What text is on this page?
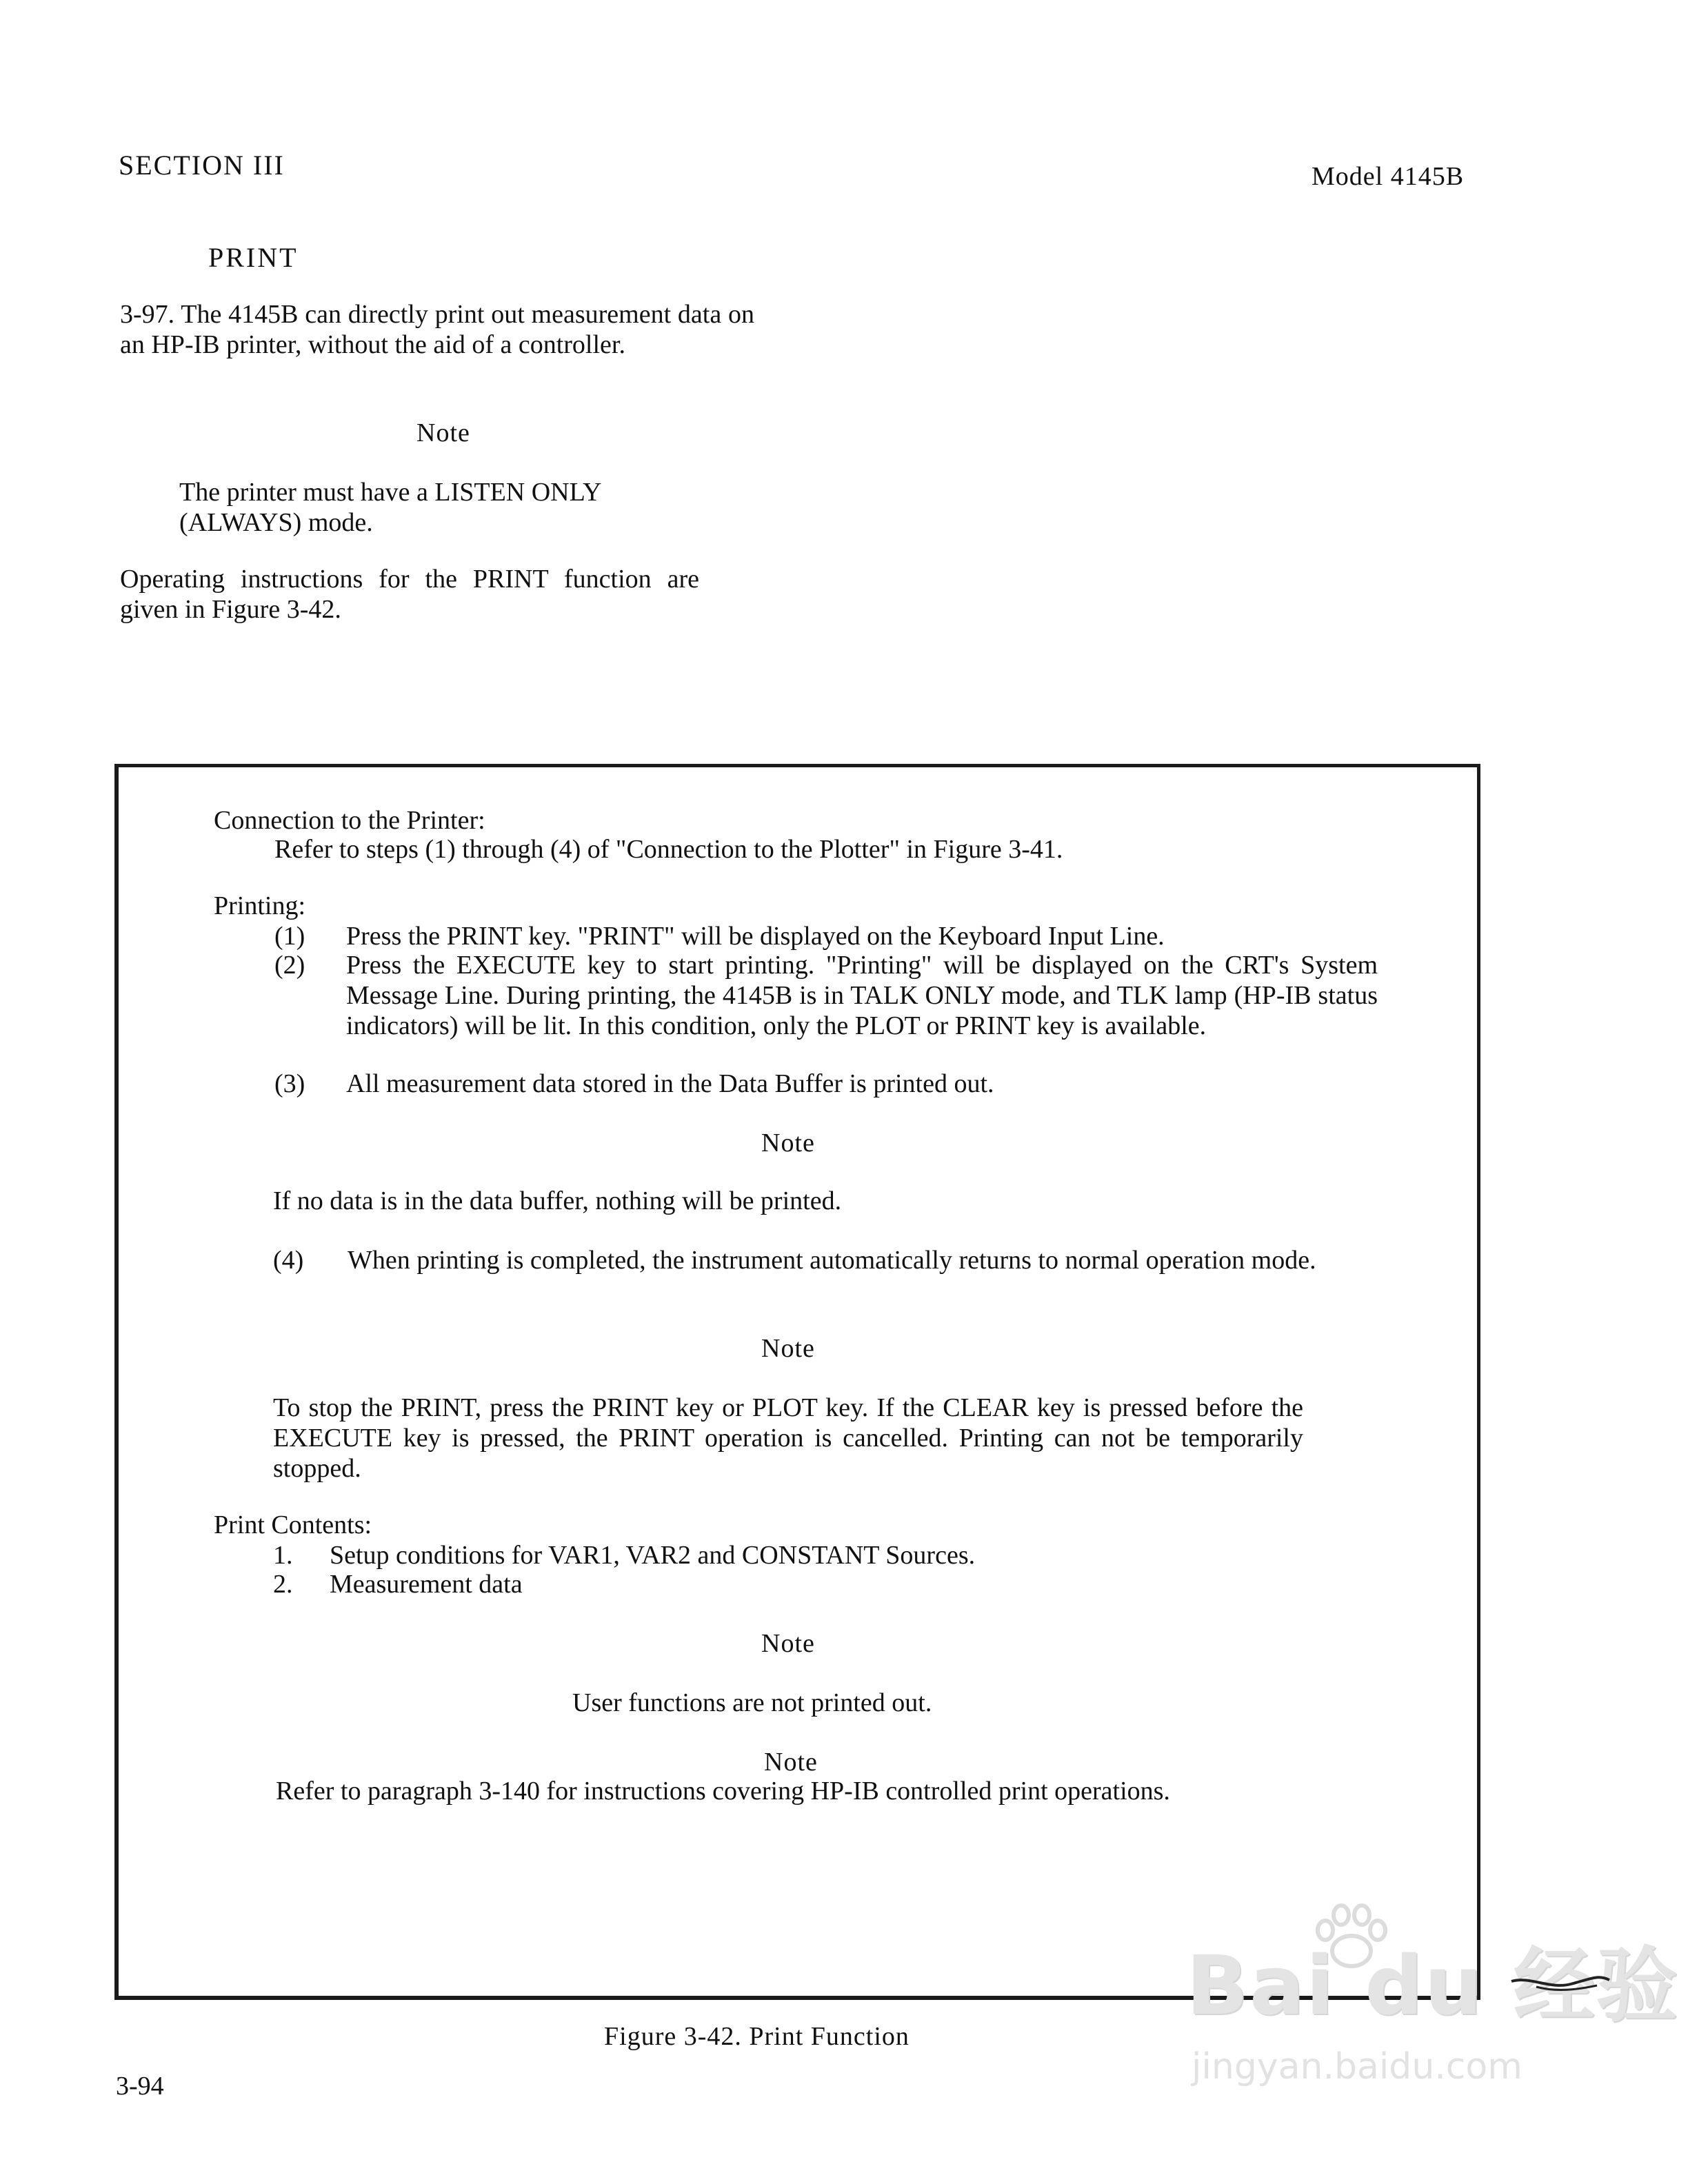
SECTION III	Model 4145B
PRINT
3-97. The 4145B can directly print out measurement data on an HP-IB printer, without the aid of a controller.
Note
The printer must have a LISTEN ONLY (ALWAYS) mode.
Operating instructions for the PRINT function are given in Figure 3-42.
Connection to the Printer:
Refer to steps (1) through (4) of "Connection to the Plotter" in Figure 3-41.
Printing:
(1) Press the PRINT key. "PRINT" will be displayed on the Keyboard Input Line.
(2) Press the EXECUTE key to start printing. "Printing" will be displayed on the CRT's System Message Line. During printing, the 4145B is in TALK ONLY mode, and TLK lamp (HP-IB status indicators) will be lit. In this condition, only the PLOT or PRINT key is available.
(3) All measurement data stored in the Data Buffer is printed out.
Note
If no data is in the data buffer, nothing will be printed.
(4) When printing is completed, the instrument automatically returns to normal operation mode.
Note
To stop the PRINT, press the PRINT key or PLOT key. If the CLEAR key is pressed before the EXECUTE key is pressed, the PRINT operation is cancelled. Printing can not be temporarily stopped.
Print Contents:
1. Setup conditions for VAR1, VAR2 and CONSTANT Sources.
2. Measurement data
Note
User functions are not printed out.
Note
Refer to paragraph 3-140 for instructions covering HP-IB controlled print operations.
Figure 3-42. Print Function
3-94
Bai du 经验
jingyan.baidu.com
